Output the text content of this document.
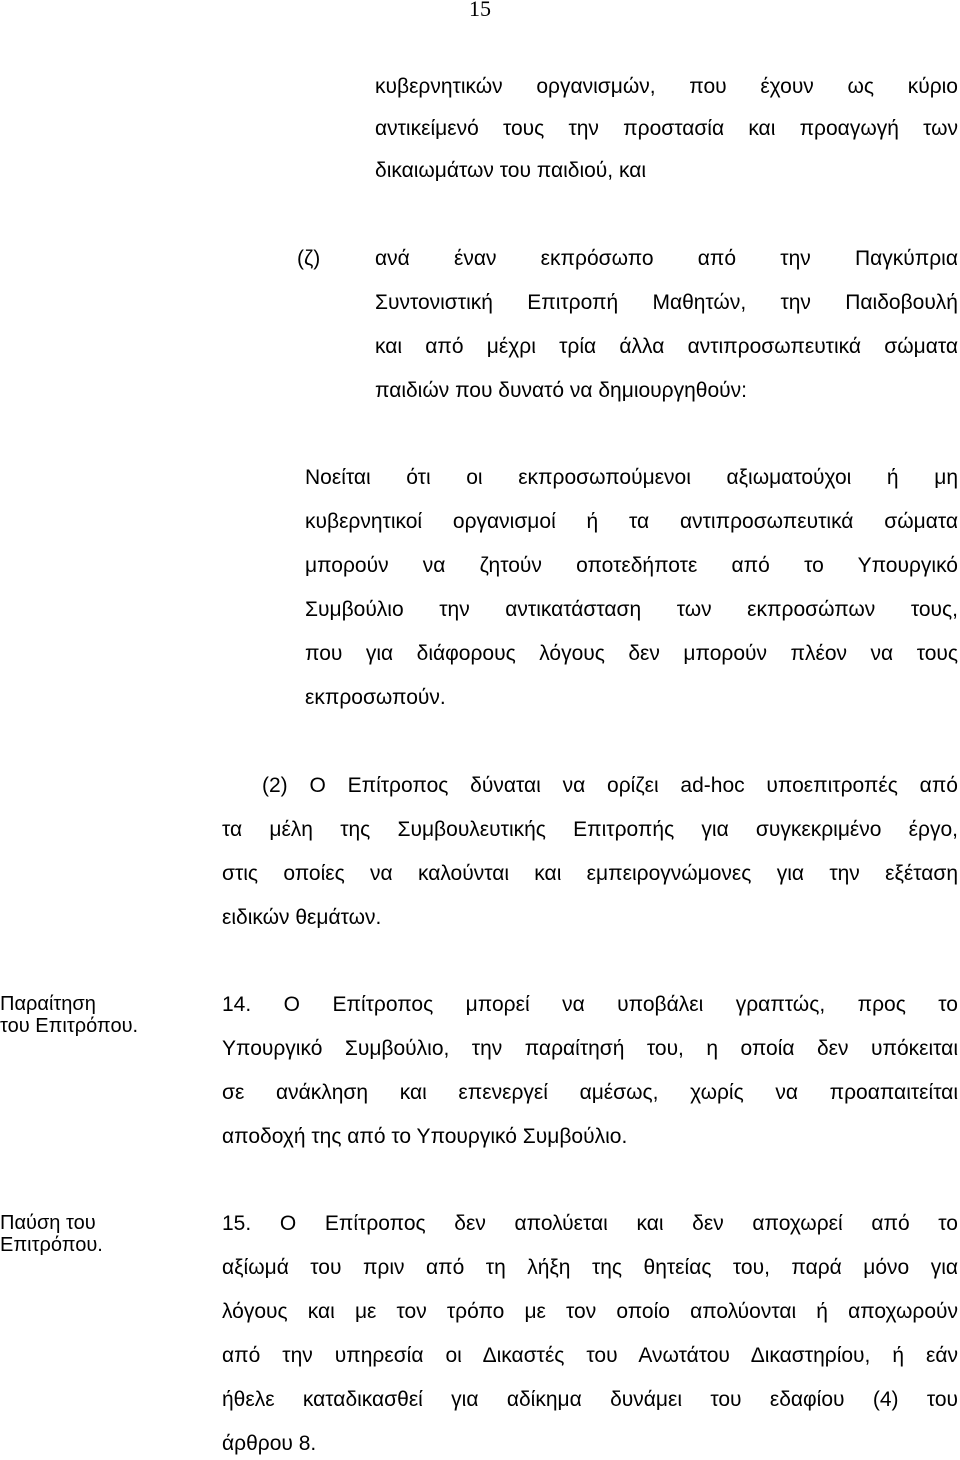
15
κυβερνητικών οργανισμών, που έχουν ως κύριο
αντικείμενό τους την προστασία και προαγωγή των
δικαιωμάτων του παιδιού, και
(ζ)	ανά έναν εκπρόσωπο από την Παγκύπρια
Συντονιστική Επιτροπή Μαθητών, την Παιδοβουλή
και από μέχρι τρία άλλα αντιπροσωπευτικά σώματα
παιδιών που δυνατό να δημιουργηθούν:
Νοείται ότι οι εκπροσωπούμενοι αξιωματούχοι ή μη
κυβερνητικοί οργανισμοί ή τα αντιπροσωπευτικά σώματα
μπορούν να ζητούν οποτεδήποτε από το Υπουργικό
Συμβούλιο την αντικατάσταση των εκπροσώπων τους,
που για διάφορους λόγους δεν μπορούν πλέον να τους
εκπροσωπούν.
(2) Ο Επίτροπος δύναται να ορίζει ad-hoc υποεπιτροπές από
τα μέλη της Συμβουλευτικής Επιτροπής για συγκεκριμένο έργο,
στις οποίες να καλούνται και εμπειρογνώμονες για την εξέταση
ειδικών θεμάτων.
Παραίτηση
του Επιτρόπου.
14. Ο Επίτροπος μπορεί να υποβάλει γραπτώς, προς το
Υπουργικό Συμβούλιο, την παραίτησή του, η οποία δεν υπόκειται
σε ανάκληση και επενεργεί αμέσως, χωρίς να προαπαιτείται
αποδοχή της από το Υπουργικό Συμβούλιο.
Παύση του
Επιτρόπου.
15. Ο Επίτροπος δεν απολύεται και δεν αποχωρεί από το
αξίωμά του πριν από τη λήξη της θητείας του, παρά μόνο για
λόγους και με τον τρόπο με τον οποίο απολύονται ή αποχωρούν
από την υπηρεσία οι Δικαστές του Ανωτάτου Δικαστηρίου, ή εάν
ήθελε καταδικασθεί για αδίκημα δυνάμει του εδαφίου (4) του
άρθρου 8.
